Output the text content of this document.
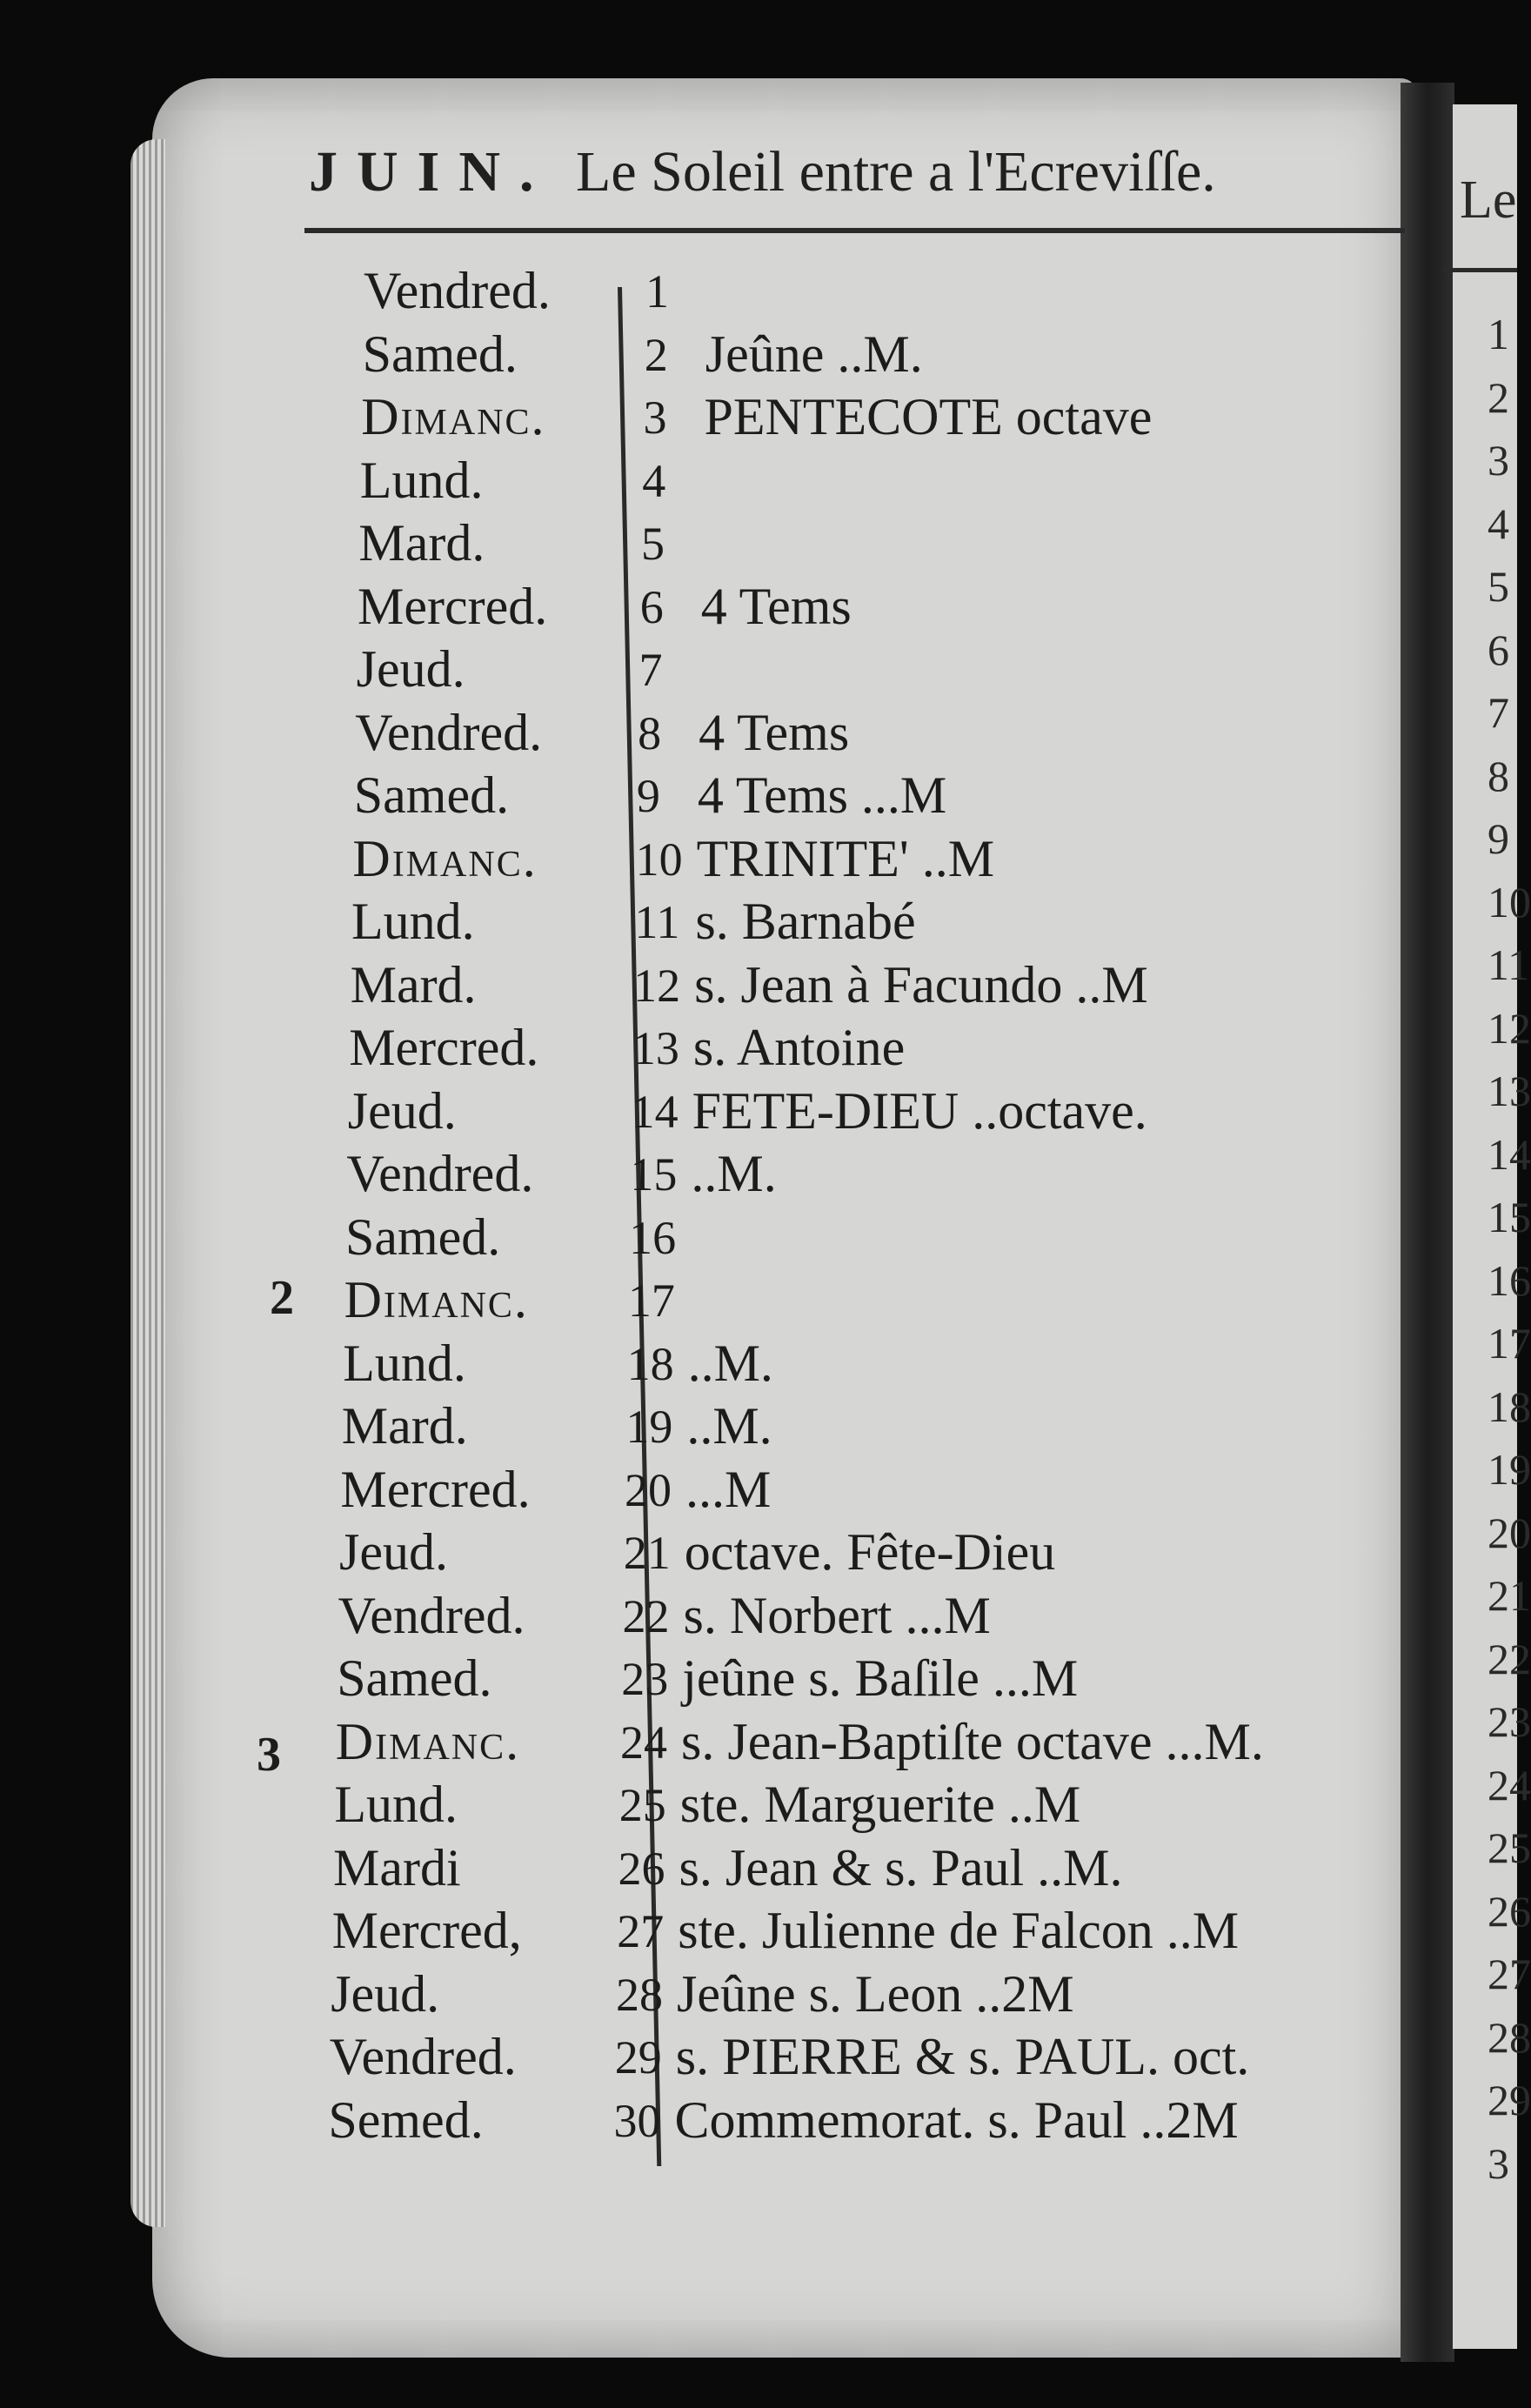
Le
1
2
3
4
5
6
7
8
9
10
11
12
13
14
15
16
17
18
19
20
21
22
23
24
25
26
27
28
29
3
JUIN. Le Soleil entre a l'Ecreviſſe.
2
3
Vendred. 1
Samed.	2 Jeûne ..M.
Dimanc. 3 PENTECOTE octave
Lund.	4
Mard.	5
Mercred. 6 4 Tems
Jeud.	7
Vendred. 8 4 Tems
Samed.	9 4 Tems ...M
Dimanc. 10 TRINITE' ..M
Lund.	11 s. Barnabé
Mard.	12 s. Jean à Facundo ..M
Mercred. 13 s. Antoine
Jeud.	14 FETE-DIEU ..octave.
Vendred. 15 ..M.
Samed.	16
Dimanc. 17
Lund.	18 ..M.
Mard.	19 ..M.
Mercred. 20 ...M
Jeud.	21 octave. Fête-Dieu
Vendred. 22 s. Norbert ...M
Samed.	23 jeûne s. Baſile ...M
Dimanc. 24 s. Jean-Baptiſte octave ...M.
Lund.	25 ste. Marguerite ..M
Mardi	26 s. Jean & s. Paul ..M.
Mercred, 27 ste. Julienne de Falcon ..M
Jeud.	28 Jeûne s. Leon ..2M
Vendred. 29 s. PIERRE & s. PAUL. oct.
Semed.	30 Commemorat. s. Paul ..2M
